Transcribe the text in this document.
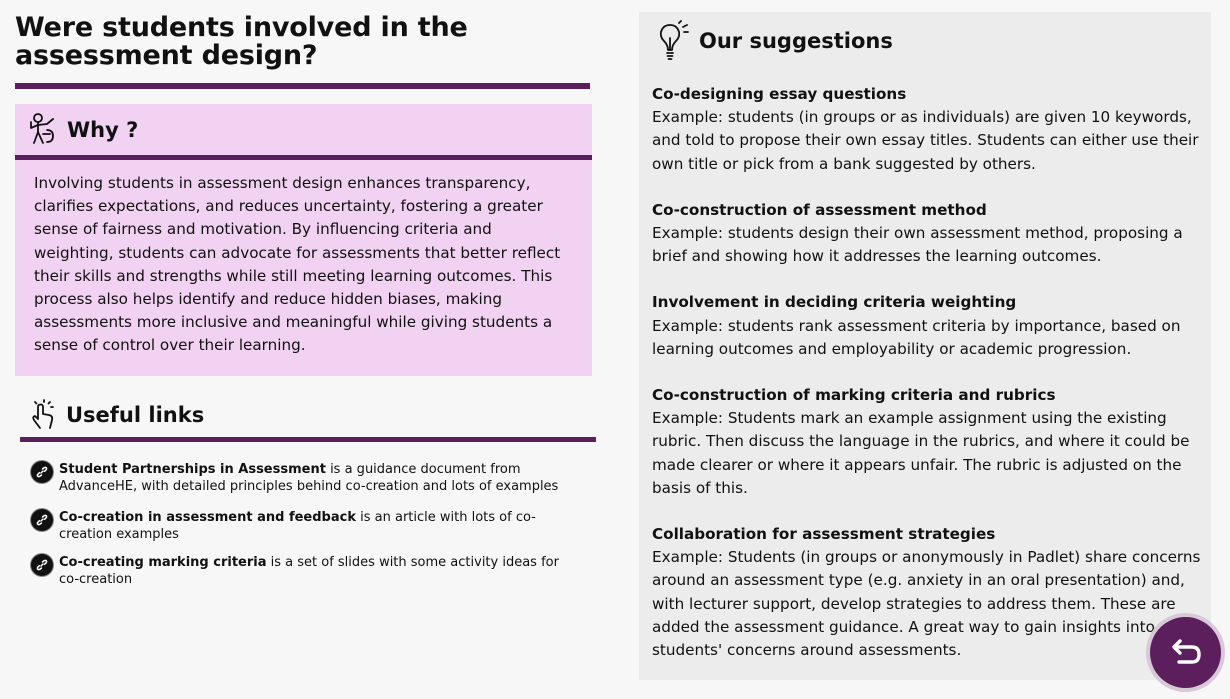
Were students involved in the assessment design?
Why ?
Involving students in assessment design enhances transparency, clarifies expectations, and reduces uncertainty, fostering a greater sense of fairness and motivation. By influencing criteria and weighting, students can advocate for assessments that better reflect their skills and strengths while still meeting learning outcomes. This process also helps identify and reduce hidden biases, making assessments more inclusive and meaningful while giving students a sense of control over their learning.
Useful links
Student Partnerships in Assessment is a guidance document from AdvanceHE, with detailed principles behind co-creation and lots of examples
Co-creation in assessment and feedback is an article with lots of co-creation examples
Co-creating marking criteria is a set of slides with some activity ideas for co-creation
Our suggestions
Co-designing essay questions
Example: students (in groups or as individuals) are given 10 keywords, and told to propose their own essay titles. Students can either use their own title or pick from a bank suggested by others.
Co-construction of assessment method
Example: students design their own assessment method, proposing a brief and showing how it addresses the learning outcomes.
Involvement in deciding criteria weighting
Example: students rank assessment criteria by importance, based on learning outcomes and employability or academic progression.
Co-construction of marking criteria and rubrics
Example: Students mark an example assignment using the existing rubric. Then discuss the language in the rubrics, and where it could be made clearer or where it appears unfair. The rubric is adjusted on the basis of this.
Collaboration for assessment strategies
Example: Students (in groups or anonymously in Padlet) share concerns around an assessment type (e.g. anxiety in an oral presentation) and, with lecturer support, develop strategies to address them. These are added the assessment guidance. A great way to gain insights into students' concerns around assessments.
